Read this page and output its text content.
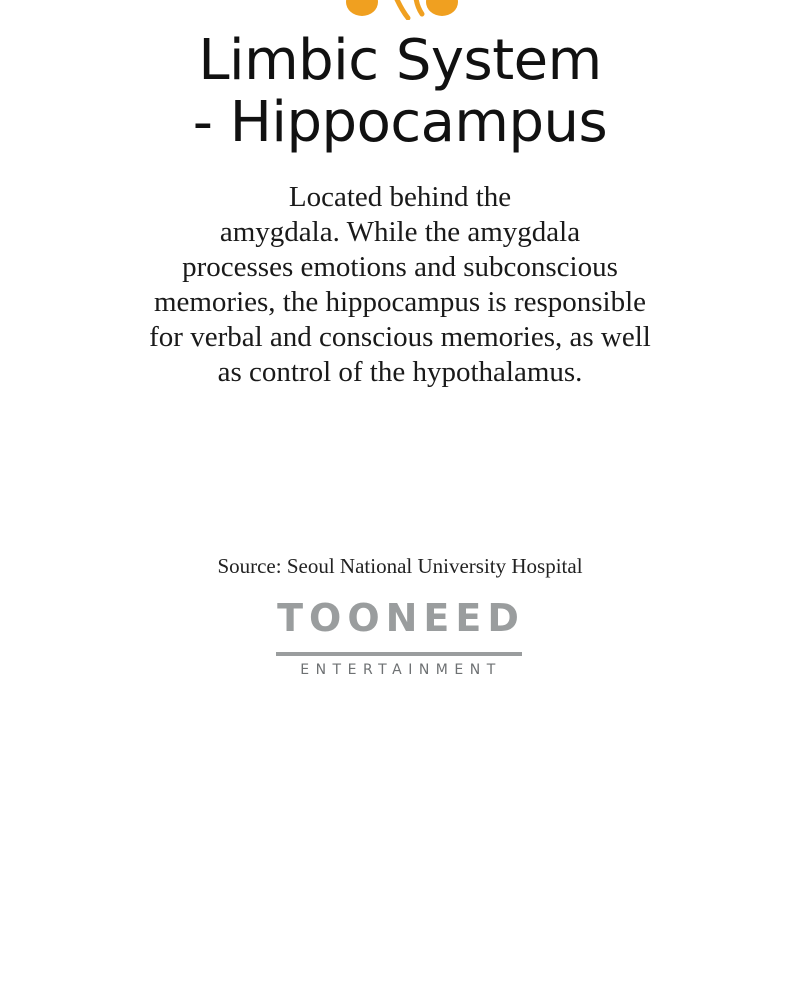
Limbic System
- Hippocampus

Located behind the
amygdala. While the amygdala
processes emotions and subconscious
memories, the hippocampus is responsible
for verbal and conscious memories, as well
as control of the hypothalamus.

Source: Seoul National University Hospital
TOONEED
ENTERTAINMENT
